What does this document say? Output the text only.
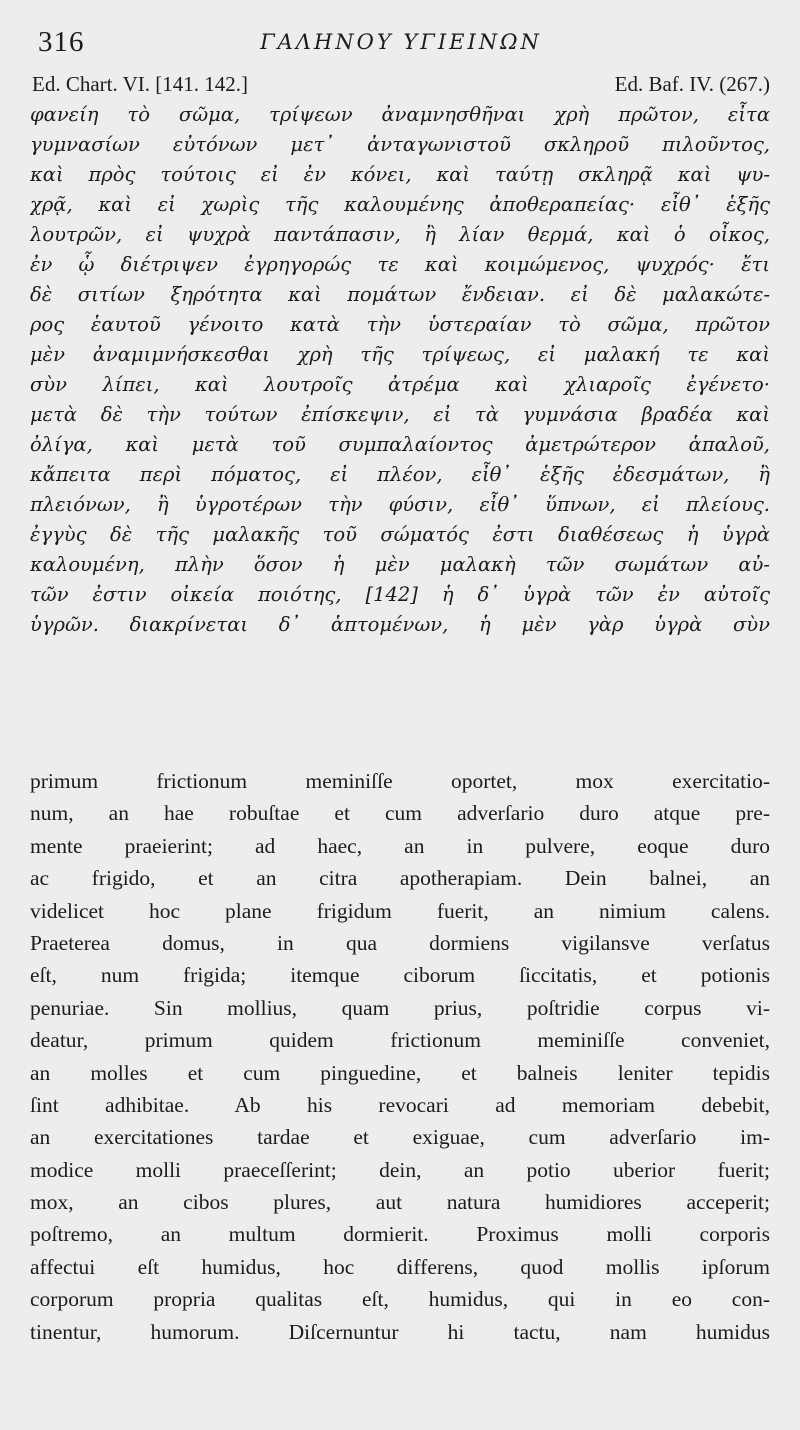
316	ΓΑΛΗΝΟΥ ΥΓΙΕΙΝΩΝ
Ed. Chart. VI. [141. 142.]	Ed. Baf. IV. (267.)
φανείη τὸ σῶμα, τρίψεων ἀναμνησθῆναι χρὴ πρῶτον, εἶτα
γυμνασίων εὐτόνων μετ᾽ ἀνταγωνιστοῦ σκληροῦ πιλοῦντος,
καὶ πρὸς τούτοις εἰ ἐν κόνει, καὶ ταύτῃ σκληρᾷ καὶ ψυ-
χρᾷ, καὶ εἰ χωρὶς τῆς καλουμένης ἀποθεραπείας· εἶθ᾽ ἑξῆς
λουτρῶν, εἰ ψυχρὰ παντάπασιν, ἢ λίαν θερμά, καὶ ὁ οἶκος,
ἐν ᾧ διέτριψεν ἐγρηγορώς τε καὶ κοιμώμενος, ψυχρός· ἔτι
δὲ σιτίων ξηρότητα καὶ πομάτων ἔνδειαν. εἰ δὲ μαλακώτε-
ρος ἑαυτοῦ γένοιτο κατὰ τὴν ὑστεραίαν τὸ σῶμα, πρῶτον
μὲν ἀναμιμνήσκεσθαι χρὴ τῆς τρίψεως, εἰ μαλακή τε καὶ
σὺν λίπει, καὶ λουτροῖς ἀτρέμα καὶ χλιαροῖς ἐγένετο·
μετὰ δὲ τὴν τούτων ἐπίσκεψιν, εἰ τὰ γυμνάσια βραδέα καὶ
ὀλίγα, καὶ μετὰ τοῦ συμπαλαίοντος ἀμετρώτερον ἁπαλοῦ,
κἄπειτα περὶ πόματος, εἰ πλέον, εἶθ᾽ ἑξῆς ἐδεσμάτων, ἢ
πλειόνων, ἢ ὑγροτέρων τὴν φύσιν, εἶθ᾽ ὕπνων, εἰ πλείους.
ἐγγὺς δὲ τῆς μαλακῆς τοῦ σώματός ἐστι διαθέσεως ἡ ὑγρὰ
καλουμένη, πλὴν ὅσον ἡ μὲν μαλακὴ τῶν σωμάτων αὐ-
τῶν ἐστιν οἰκεία ποιότης, [142] ἡ δ᾽ ὑγρὰ τῶν ἐν αὐτοῖς
ὑγρῶν. διακρίνεται δ᾽ ἁπτομένων, ἡ μὲν γὰρ ὑγρὰ σὺν
primum frictionum meminiſſe oportet, mox exercitatio-
num, an hae robuſtae et cum adverſario duro atque pre-
mente praeierint; ad haec, an in pulvere, eoque duro
ac frigido, et an citra apotherapiam. Dein balnei, an
videlicet hoc plane frigidum fuerit, an nimium calens.
Praeterea domus, in qua dormiens vigilansve verſatus
eſt, num frigida; itemque ciborum ſiccitatis, et potionis
penuriae. Sin mollius, quam prius, poſtridie corpus vi-
deatur, primum quidem frictionum meminiſſe conveniet,
an molles et cum pinguedine, et balneis leniter tepidis
ſint adhibitae. Ab his revocari ad memoriam debebit,
an exercitationes tardae et exiguae, cum adverſario im-
modice molli praeceſſerint; dein, an potio uberior fuerit;
mox, an cibos plures, aut natura humidiores acceperit;
poſtremo, an multum dormierit. Proximus molli corporis
affectui eſt humidus, hoc differens, quod mollis ipſorum
corporum propria qualitas eſt, humidus, qui in eo con-
tinentur, humorum. Diſcernuntur hi tactu, nam humidus
